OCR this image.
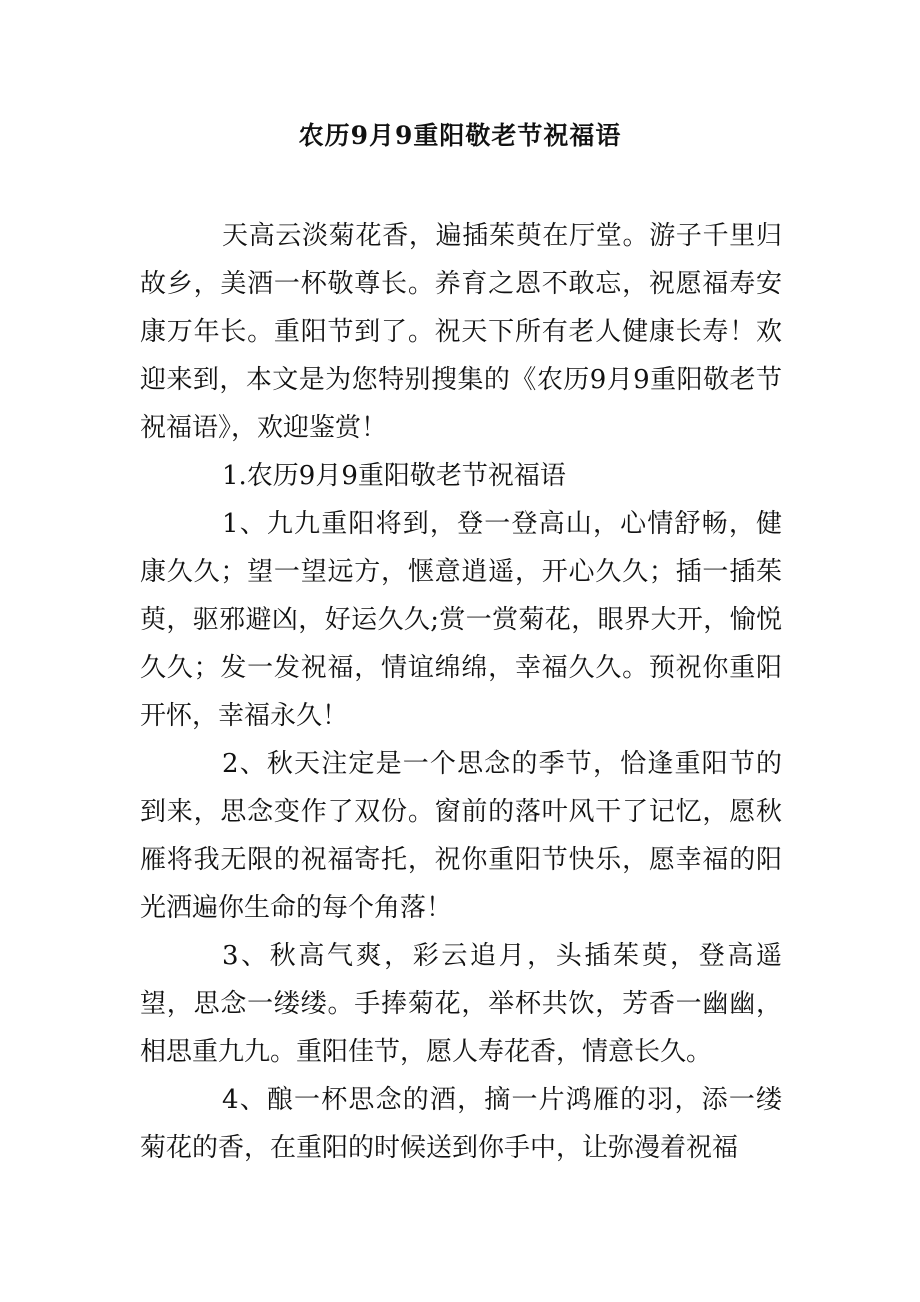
农历9月9重阳敬老节祝福语

天高云淡菊花香，遍插茱萸在厅堂。游子千里归故乡，美酒一杯敬尊长。养育之恩不敢忘，祝愿福寿安康万年长。重阳节到了。祝天下所有老人健康长寿！欢迎来到，本文是为您特别搜集的《农历9月9重阳敬老节祝福语》，欢迎鉴赏！

1.农历9月9重阳敬老节祝福语

1、九九重阳将到，登一登高山，心情舒畅，健康久久；望一望远方，惬意逍遥，开心久久；插一插茱萸，驱邪避凶，好运久久;赏一赏菊花，眼界大开，愉悦久久；发一发祝福，情谊绵绵，幸福久久。预祝你重阳开怀，幸福永久！

2、秋天注定是一个思念的季节，恰逢重阳节的到来，思念变作了双份。窗前的落叶风干了记忆，愿秋雁将我无限的祝福寄托，祝你重阳节快乐，愿幸福的阳光洒遍你生命的每个角落！

3、秋高气爽，彩云追月，头插茱萸，登高遥望，思念一缕缕。手捧菊花，举杯共饮，芳香一幽幽，相思重九九。重阳佳节，愿人寿花香，情意长久。

4、酿一杯思念的酒，摘一片鸿雁的羽，添一缕菊花的香，在重阳的时候送到你手中，让弥漫着祝福
